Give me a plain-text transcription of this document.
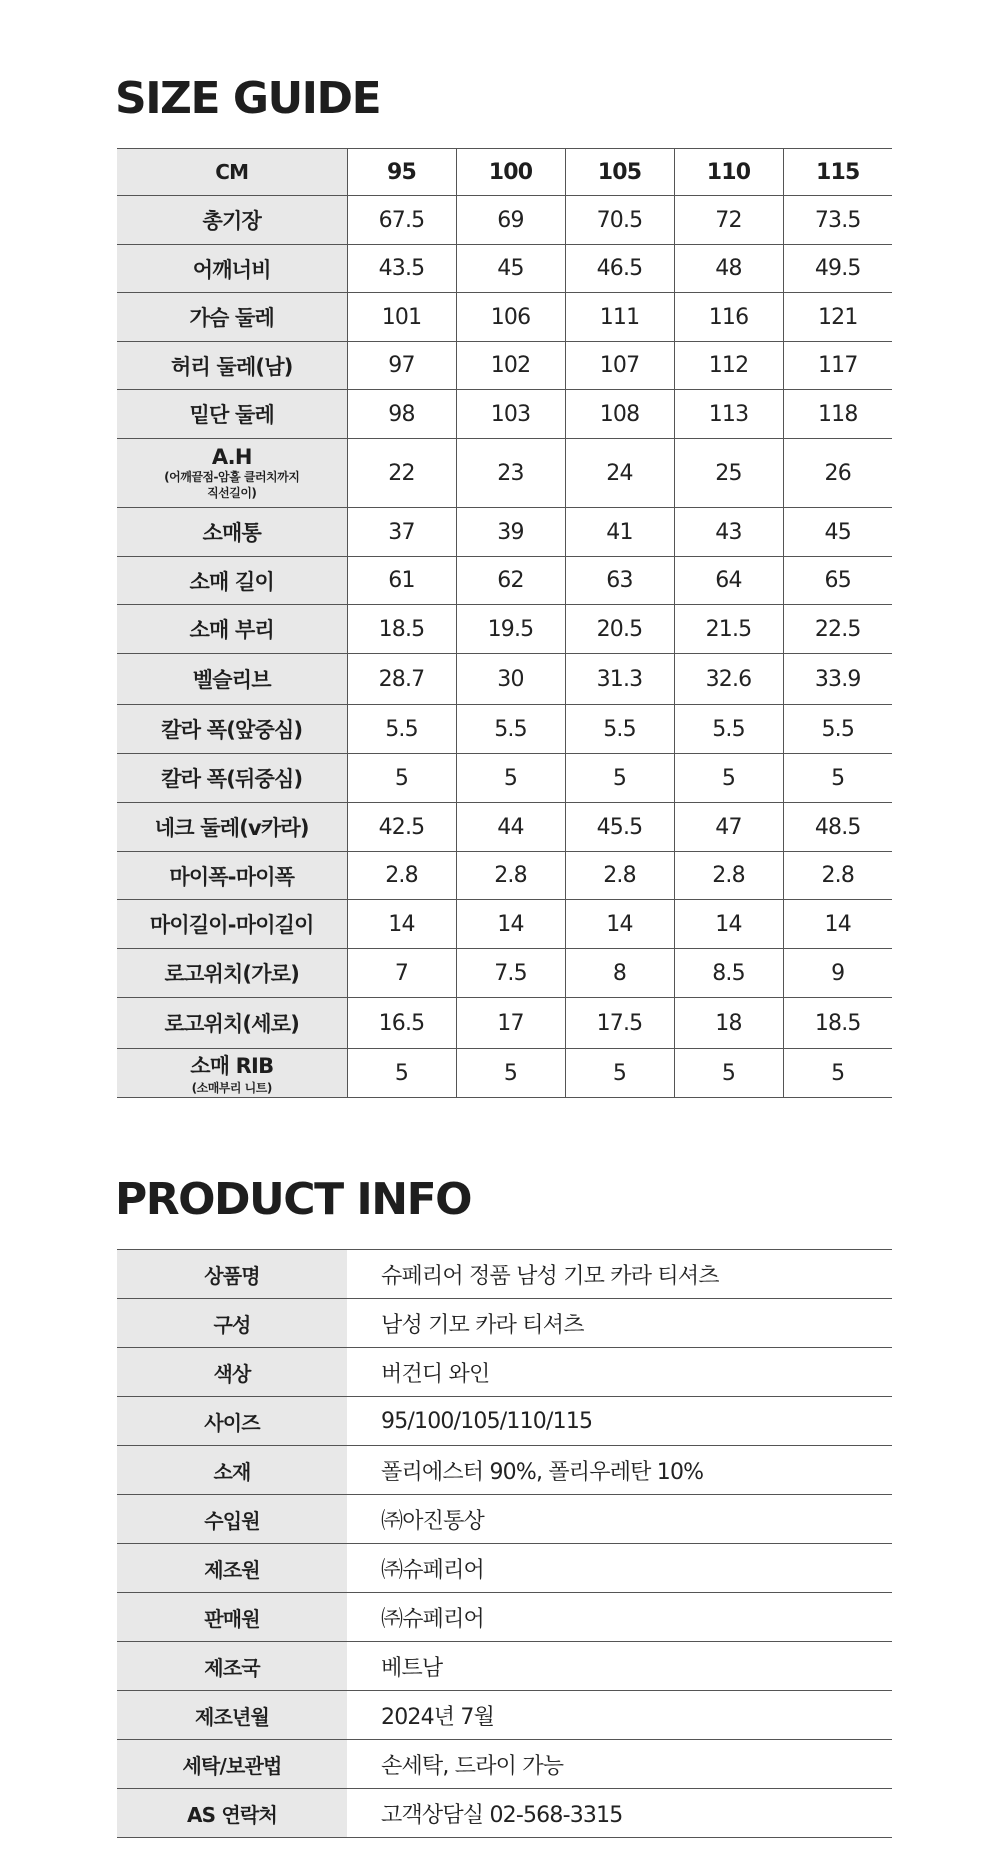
SIZE GUIDE
CM	95	100	105	110	115
총기장	67.5	69	70.5	72	73.5
어깨너비	43.5	45	46.5	48	49.5
가슴 둘레	101	106	111	116	121
허리 둘레(남)	97	102	107	112	117
밑단 둘레	98	103	108	113	118
A.H
(어깨끝점-암홀 클러치까지
직선길이)	22	23	24	25	26
소매통	37	39	41	43	45
소매 길이	61	62	63	64	65
소매 부리	18.5	19.5	20.5	21.5	22.5
벨슬리브	28.7	30	31.3	32.6	33.9
칼라 폭(앞중심)	5.5	5.5	5.5	5.5	5.5
칼라 폭(뒤중심)	5	5	5	5	5
네크 둘레(v카라)	42.5	44	45.5	47	48.5
마이폭-마이폭	2.8	2.8	2.8	2.8	2.8
마이길이-마이길이	14	14	14	14	14
로고위치(가로)	7	7.5	8	8.5	9
로고위치(세로)	16.5	17	17.5	18	18.5
소매 RIB
(소매부리 니트)	5	5	5	5	5
PRODUCT INFO
상품명	슈페리어 정품 남성 기모 카라 티셔츠
구성	남성 기모 카라 티셔츠
색상	버건디 와인
사이즈	95/100/105/110/115
소재	폴리에스터 90%, 폴리우레탄 10%
수입원	㈜아진통상
제조원	㈜슈페리어
판매원	㈜슈페리어
제조국	베트남
제조년월	2024년 7월
세탁/보관법	손세탁, 드라이 가능
AS 연락처	고객상담실 02-568-3315
